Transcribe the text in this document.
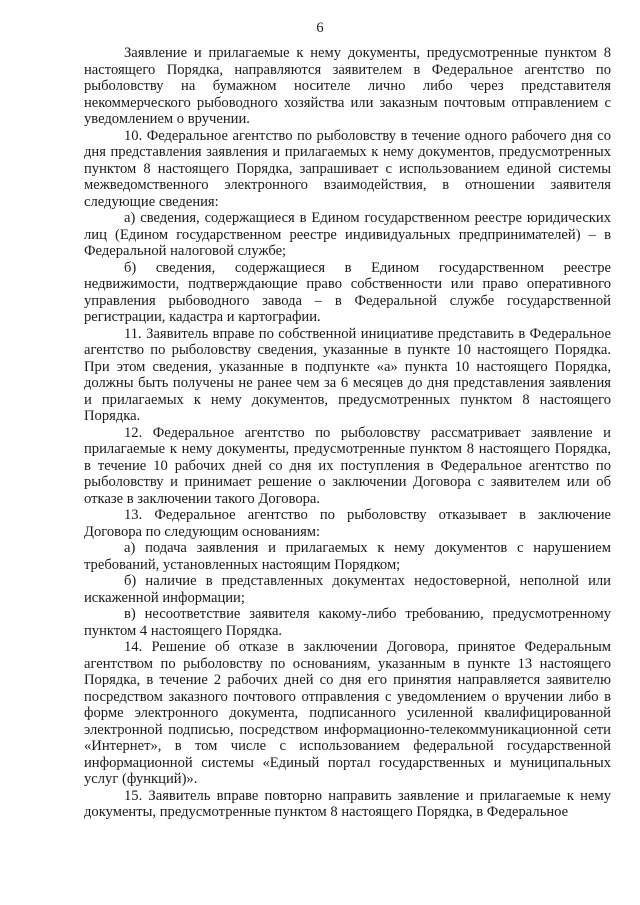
6

Заявление и прилагаемые к нему документы, предусмотренные пунктом 8 настоящего Порядка, направляются заявителем в Федеральное агентство по рыболовству на бумажном носителе лично либо через представителя некоммерческого рыбоводного хозяйства или заказным почтовым отправлением с уведомлением о вручении.

10. Федеральное агентство по рыболовству в течение одного рабочего дня со дня представления заявления и прилагаемых к нему документов, предусмотренных пунктом 8 настоящего Порядка, запрашивает с использованием единой системы межведомственного электронного взаимодействия, в отношении заявителя следующие сведения:

а) сведения, содержащиеся в Едином государственном реестре юридических лиц (Едином государственном реестре индивидуальных предпринимателей) – в Федеральной налоговой службе;

б) сведения, содержащиеся в Едином государственном реестре недвижимости, подтверждающие право собственности или право оперативного управления рыбоводного завода – в Федеральной службе государственной регистрации, кадастра и картографии.

11. Заявитель вправе по собственной инициативе представить в Федеральное агентство по рыболовству сведения, указанные в пункте 10 настоящего Порядка. При этом сведения, указанные в подпункте «а» пункта 10 настоящего Порядка, должны быть получены не ранее чем за 6 месяцев до дня представления заявления и прилагаемых к нему документов, предусмотренных пунктом 8 настоящего Порядка.

12. Федеральное агентство по рыболовству рассматривает заявление и прилагаемые к нему документы, предусмотренные пунктом 8 настоящего Порядка, в течение 10 рабочих дней со дня их поступления в Федеральное агентство по рыболовству и принимает решение о заключении Договора с заявителем или об отказе в заключении такого Договора.

13. Федеральное агентство по рыболовству отказывает в заключение Договора по следующим основаниям:

а) подача заявления и прилагаемых к нему документов с нарушением требований, установленных настоящим Порядком;

б) наличие в представленных документах недостоверной, неполной или искаженной информации;

в) несоответствие заявителя какому-либо требованию, предусмотренному пунктом 4 настоящего Порядка.

14. Решение об отказе в заключении Договора, принятое Федеральным агентством по рыболовству по основаниям, указанным в пункте 13 настоящего Порядка, в течение 2 рабочих дней со дня его принятия направляется заявителю посредством заказного почтового отправления с уведомлением о вручении либо в форме электронного документа, подписанного усиленной квалифицированной электронной подписью, посредством информационно-телекоммуникационной сети «Интернет», в том числе с использованием федеральной государственной информационной системы «Единый портал государственных и муниципальных услуг (функций)».

15. Заявитель вправе повторно направить заявление и прилагаемые к нему документы, предусмотренные пунктом 8 настоящего Порядка, в Федеральное
